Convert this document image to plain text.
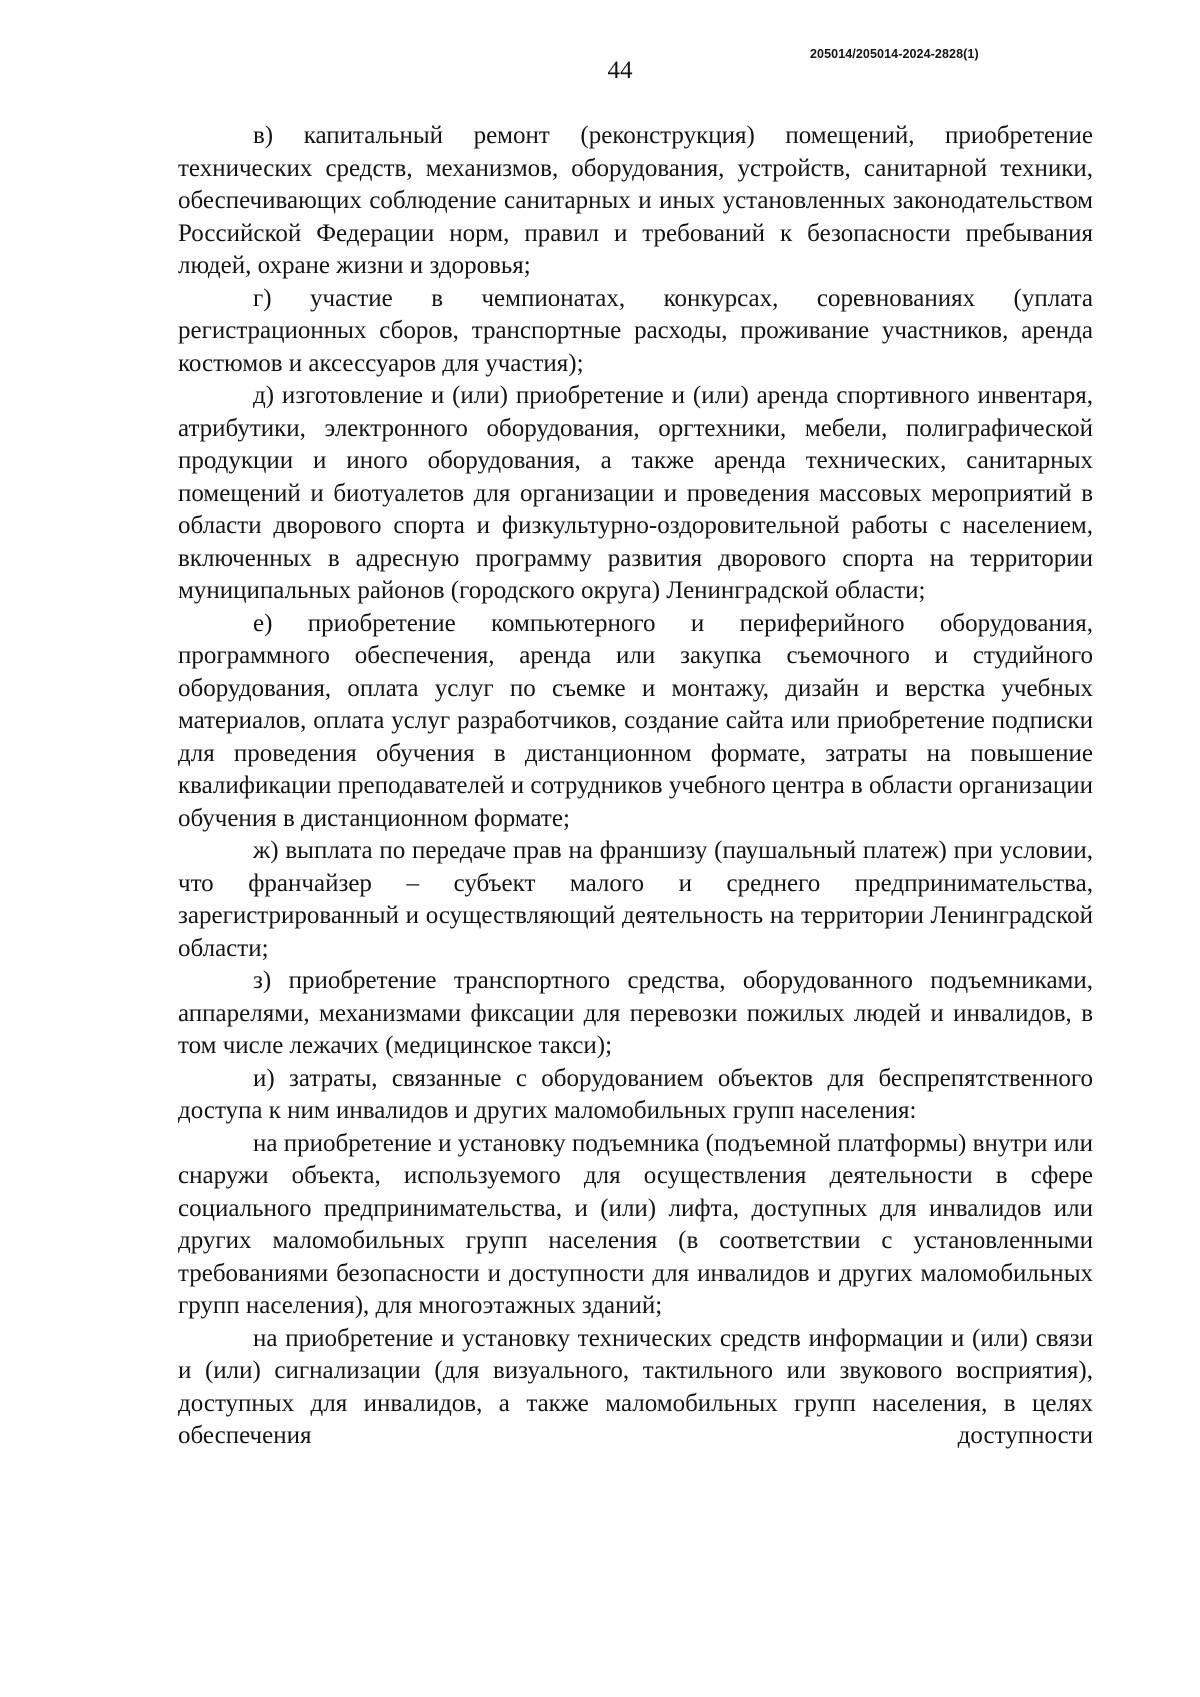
44
205014/205014-2024-2828(1)

в) капитальный ремонт (реконструкция) помещений, приобретение технических средств, механизмов, оборудования, устройств, санитарной техники, обеспечивающих соблюдение санитарных и иных установленных законодательством Российской Федерации норм, правил и требований к безопасности пребывания людей, охране жизни и здоровья;

г) участие в чемпионатах, конкурсах, соревнованиях (уплата регистрационных сборов, транспортные расходы, проживание участников, аренда костюмов и аксессуаров для участия);

д) изготовление и (или) приобретение и (или) аренда спортивного инвентаря, атрибутики, электронного оборудования, оргтехники, мебели, полиграфической продукции и иного оборудования, а также аренда технических, санитарных помещений и биотуалетов для организации и проведения массовых мероприятий в области дворового спорта и физкультурно-оздоровительной работы с населением, включенных в адресную программу развития дворового спорта на территории муниципальных районов (городского округа) Ленинградской области;

е) приобретение компьютерного и периферийного оборудования, программного обеспечения, аренда или закупка съемочного и студийного оборудования, оплата услуг по съемке и монтажу, дизайн и верстка учебных материалов, оплата услуг разработчиков, создание сайта или приобретение подписки для проведения обучения в дистанционном формате, затраты на повышение квалификации преподавателей и сотрудников учебного центра в области организации обучения в дистанционном формате;

ж) выплата по передаче прав на франшизу (паушальный платеж) при условии, что франчайзер – субъект малого и среднего предпринимательства, зарегистрированный и осуществляющий деятельность на территории Ленинградской области;

з) приобретение транспортного средства, оборудованного подъемниками, аппарелями, механизмами фиксации для перевозки пожилых людей и инвалидов, в том числе лежачих (медицинское такси);

и) затраты, связанные с оборудованием объектов для беспрепятственного доступа к ним инвалидов и других маломобильных групп населения:

на приобретение и установку подъемника (подъемной платформы) внутри или снаружи объекта, используемого для осуществления деятельности в сфере социального предпринимательства, и (или) лифта, доступных для инвалидов или других маломобильных групп населения (в соответствии с установленными требованиями безопасности и доступности для инвалидов и других маломобильных групп населения), для многоэтажных зданий;

на приобретение и установку технических средств информации и (или) связи и (или) сигнализации (для визуального, тактильного или звукового восприятия), доступных для инвалидов, а также маломобильных групп населения, в целях обеспечения доступности
